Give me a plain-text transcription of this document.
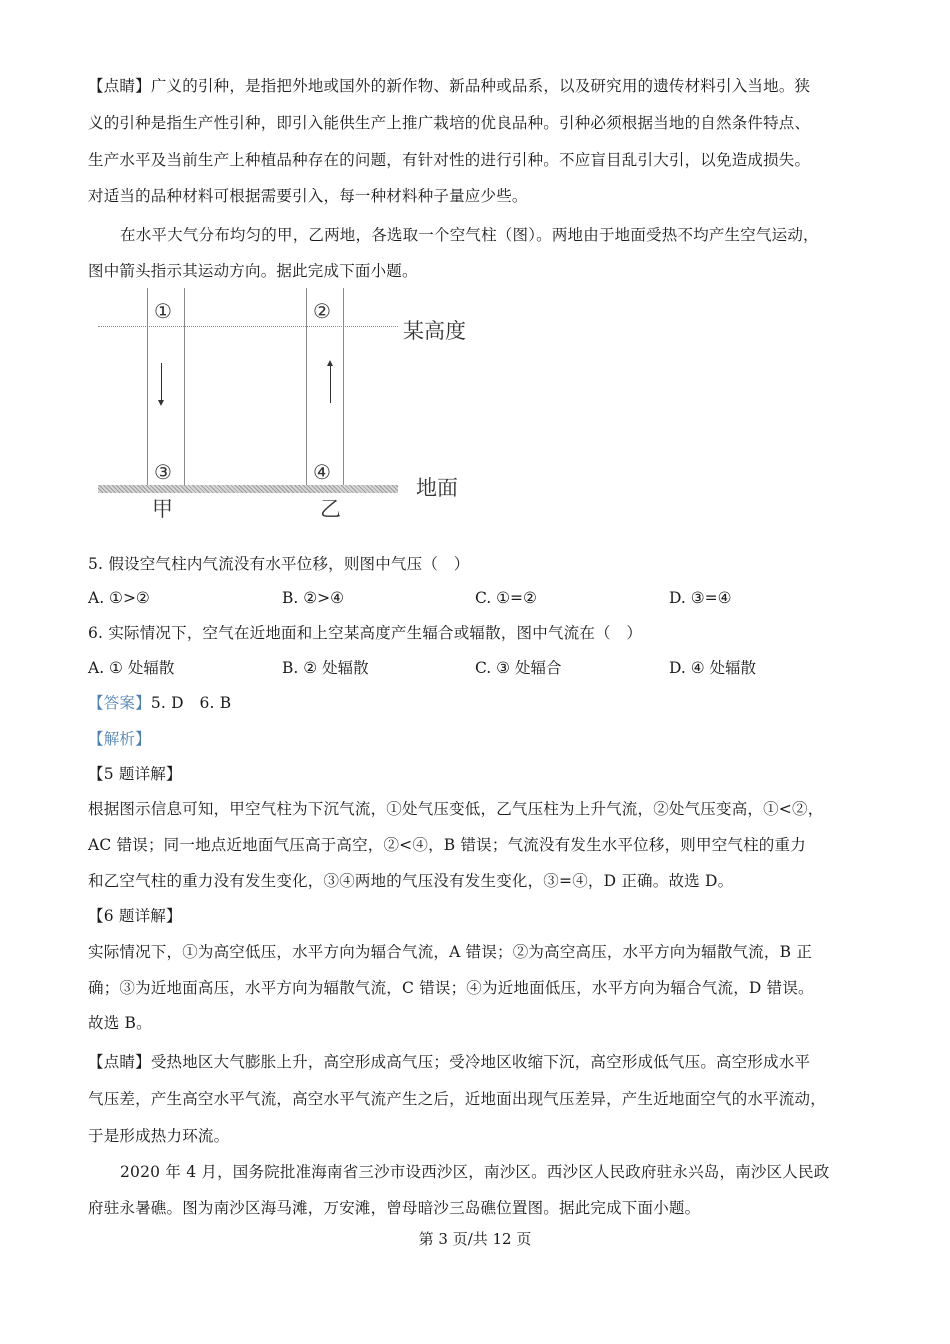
【点睛】广义的引种，是指把外地或国外的新作物、新品种或品系，以及研究用的遗传材料引入当地。狭
义的引种是指生产性引种，即引入能供生产上推广栽培的优良品种。引种必须根据当地的自然条件特点、
生产水平及当前生产上种植品种存在的问题，有针对性的进行引种。不应盲目乱引大引，以免造成损失。
对适当的品种材料可根据需要引入，每一种材料种子量应少些。
在水平大气分布均匀的甲，乙两地，各选取一个空气柱（图）。两地由于地面受热不均产生空气运动，
图中箭头指示其运动方向。据此完成下面小题。
①	②
③	④
某高度
地面
甲	乙
5. 假设空气柱内气流没有水平位移，则图中气压（　）
A. ①>②	B. ②>④	C. ①=②	D. ③=④
6. 实际情况下，空气在近地面和上空某高度产生辐合或辐散，图中气流在（　）
A. ① 处辐散	B. ② 处辐散	C. ③ 处辐合	D. ④ 处辐散
【答案】5. D　6. B
【解析】
【5 题详解】
根据图示信息可知，甲空气柱为下沉气流，①处气压变低，乙气压柱为上升气流，②处气压变高，①<②，
AC 错误；同一地点近地面气压高于高空，②<④，B 错误；气流没有发生水平位移，则甲空气柱的重力
和乙空气柱的重力没有发生变化，③④两地的气压没有发生变化，③=④，D 正确。故选 D。
【6 题详解】
实际情况下，①为高空低压，水平方向为辐合气流，A 错误；②为高空高压，水平方向为辐散气流，B 正
确；③为近地面高压，水平方向为辐散气流，C 错误；④为近地面低压，水平方向为辐合气流，D 错误。
故选 B。
【点睛】受热地区大气膨胀上升，高空形成高气压；受冷地区收缩下沉，高空形成低气压。高空形成水平
气压差，产生高空水平气流，高空水平气流产生之后，近地面出现气压差异，产生近地面空气的水平流动，
于是形成热力环流。
2020 年 4 月，国务院批准海南省三沙市设西沙区，南沙区。西沙区人民政府驻永兴岛，南沙区人民政
府驻永暑礁。图为南沙区海马滩，万安滩，曾母暗沙三岛礁位置图。据此完成下面小题。
第 3 页/共 12 页
